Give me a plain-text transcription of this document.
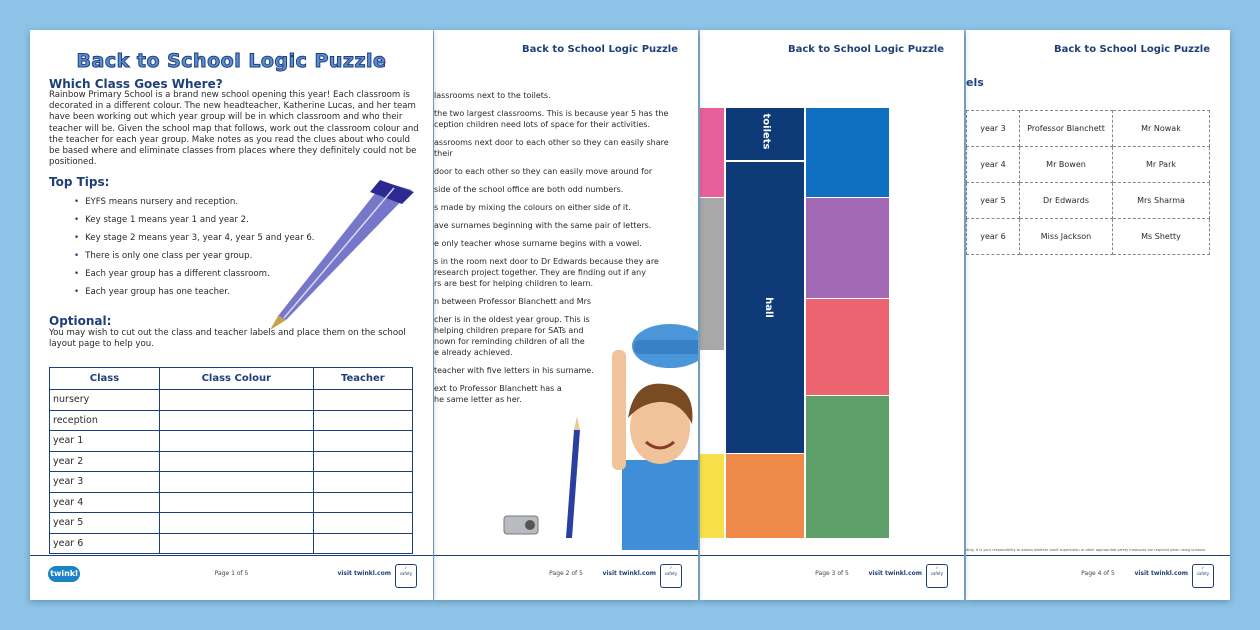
Back to School Logic Puzzle
els
year 3	Professor Blanchett	Mr Nowak
year 4	Mr Bowen	Mr Park
year 5	Dr Edwards	Mrs Sharma
year 6	Miss Jackson	Ms Shetty
ding. It is your responsibility to assess whether adult supervision or other appropriate safety measures are required when using scissors.
Page 4 of 5	visit twinkl.com
✓
safety
Back to School Logic Puzzle
toilets
hall
Page 3 of 5	visit twinkl.com
✓
safety
Back to School Logic Puzzle
lassrooms next to the toilets.
the two largest classrooms. This is because year 5 has the
ception children need lots of space for their activities.
assrooms next door to each other so they can easily share their
door to each other so they can easily move around for
side of the school office are both odd numbers.
s made by mixing the colours on either side of it.
ave surnames beginning with the same pair of letters.
e only teacher whose surname begins with a vowel.
s in the room next door to Dr Edwards because they are
research project together. They are finding out if any
rs are best for helping children to learn.
n between Professor Blanchett and Mrs
cher is in the oldest year group. This is
helping children prepare for SATs and
nown for reminding children of all the
e already achieved.
teacher with five letters in his surname.
ext to Professor Blanchett has a
he same letter as her.
Page 2 of 5	visit twinkl.com
✓
safety
Back to School Logic Puzzle
Which Class Goes Where?
Rainbow Primary School is a brand new school opening this year! Each classroom is decorated in a different colour. The new headteacher, Katherine Lucas, and her team have been working out which year group will be in which classroom and who their teacher will be. Given the school map that follows, work out the classroom colour and the teacher for each year group. Make notes as you read the clues about who could be based where and eliminate classes from places where they definitely could not be positioned.
Top Tips:
• EYFS means nursery and reception.
• Key stage 1 means year 1 and year 2.
• Key stage 2 means year 3, year 4, year 5 and year 6.
• There is only one class per year group.
• Each year group has a different classroom.
• Each year group has one teacher.
Optional:
You may wish to cut out the class and teacher labels and place them on the school layout page to help you.
Class	Class Colour	Teacher
nursery		
reception		
year 1		
year 2		
year 3		
year 4		
year 5		
year 6		
twinkl	Page 1 of 5	visit twinkl.com
✓
safety
